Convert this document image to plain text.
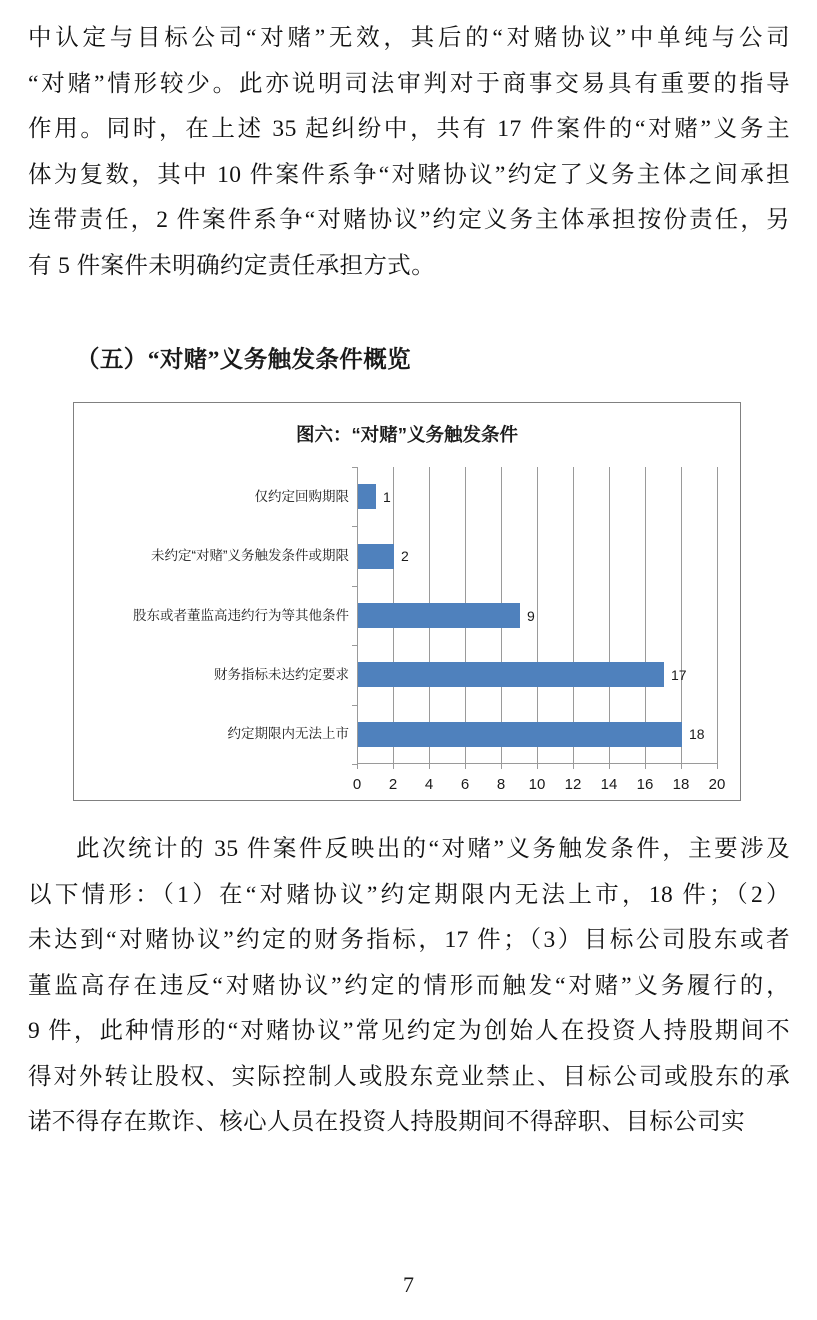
中认定与目标公司“对赌”无效，其后的“对赌协议”中单纯与公司
“对赌”情形较少。此亦说明司法审判对于商事交易具有重要的指导
作用。同时，在上述 35 起纠纷中，共有 17 件案件的“对赌”义务主
体为复数，其中 10 件案件系争“对赌协议”约定了义务主体之间承担
连带责任，2 件案件系争“对赌协议”约定义务主体承担按份责任，另
有 5 件案件未明确约定责任承担方式。
（五）“对赌”义务触发条件概览
图六：“对赌”义务触发条件
0	2	4	6	8	10	12	14	16	18	20
18
约定期限内无法上市
17
财务指标未达约定要求
9
股东或者董监高违约行为等其他条件
2
未约定“对赌”义务触发条件或期限
1
仅约定回购期限
此次统计的 35 件案件反映出的“对赌”义务触发条件，主要涉及
以下情形：（1）在“对赌协议”约定期限内无法上市，18 件；（2）
未达到“对赌协议”约定的财务指标，17 件；（3）目标公司股东或者
董监高存在违反“对赌协议”约定的情形而触发“对赌”义务履行的，
9 件，此种情形的“对赌协议”常见约定为创始人在投资人持股期间不
得对外转让股权、实际控制人或股东竞业禁止、目标公司或股东的承
诺不得存在欺诈、核心人员在投资人持股期间不得辞职、目标公司实
7
